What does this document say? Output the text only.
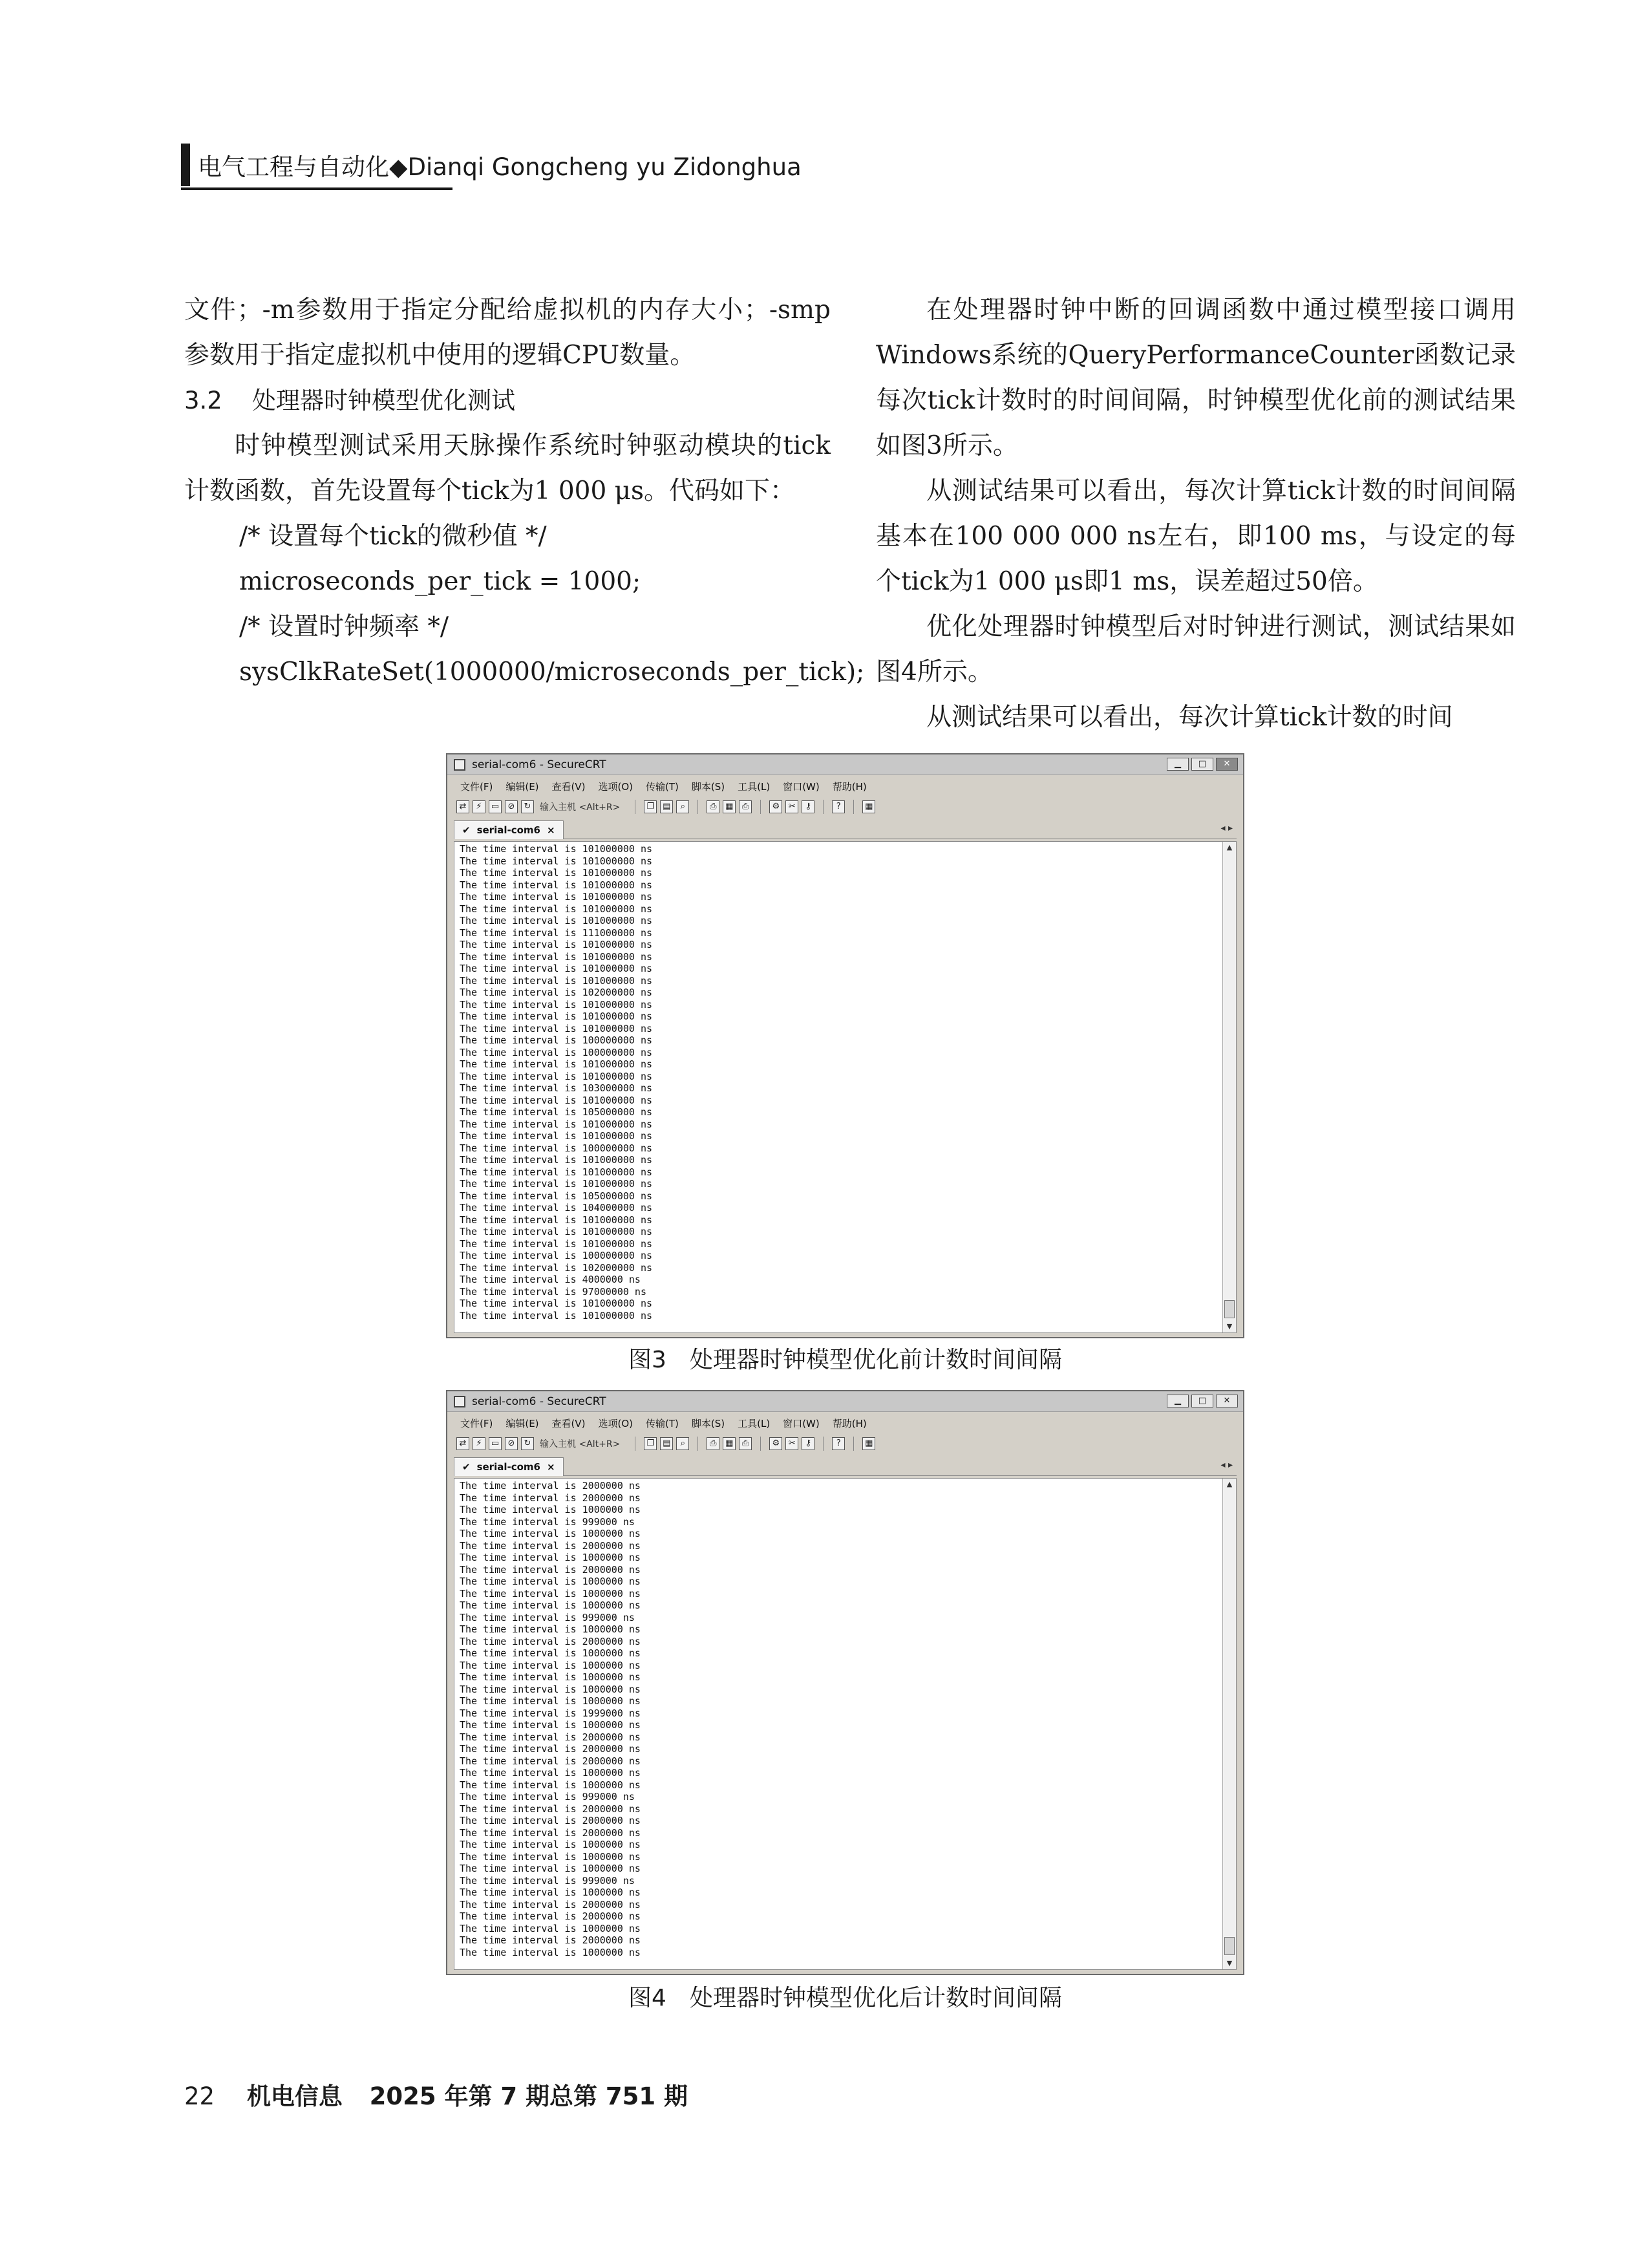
电气工程与自动化◆Dianqi Gongcheng yu Zidonghua

文件；-m参数用于指定分配给虚拟机的内存大小；-smp参数用于指定虚拟机中使用的逻辑CPU数量。

3.2 处理器时钟模型优化测试

时钟模型测试采用天脉操作系统时钟驱动模块的tick计数函数，首先设置每个tick为1 000 μs。代码如下：

/* 设置每个tick的微秒值 */

microseconds_per_tick = 1000;

/* 设置时钟频率 */

sysClkRateSet(1000000/microseconds_per_tick);

在处理器时钟中断的回调函数中通过模型接口调用Windows系统的QueryPerformanceCounter函数记录每次tick计数时的时间间隔，时钟模型优化前的测试结果如图3所示。

从测试结果可以看出，每次计算tick计数的时间间隔基本在100 000 000 ns左右，即100 ms，与设定的每个tick为1 000 μs即1 ms，误差超过50倍。

优化处理器时钟模型后对时钟进行测试，测试结果如图4所示。

从测试结果可以看出，每次计算tick计数的时间

serial-com6 - SecureCRT	▁	□	✕
文件(F) 编辑(E) 查看(V) 选项(O) 传输(T) 脚本(S) 工具(L) 窗口(W) 帮助(H)
⇄	⚡	▭	⊘	↻ 输入主机 <Alt+R>	❐	▤	⌕	⎙	▦	⎙	⚙	✂	⚷	?	▦
✔ serial-com6 ×	◂ ▸
The time interval is 101000000 ns
The time interval is 101000000 ns
The time interval is 101000000 ns
The time interval is 101000000 ns
The time interval is 101000000 ns
The time interval is 101000000 ns
The time interval is 101000000 ns
The time interval is 111000000 ns
The time interval is 101000000 ns
The time interval is 101000000 ns
The time interval is 101000000 ns
The time interval is 101000000 ns
The time interval is 102000000 ns
The time interval is 101000000 ns
The time interval is 101000000 ns
The time interval is 101000000 ns
The time interval is 100000000 ns
The time interval is 100000000 ns
The time interval is 101000000 ns
The time interval is 101000000 ns
The time interval is 103000000 ns
The time interval is 101000000 ns
The time interval is 105000000 ns
The time interval is 101000000 ns
The time interval is 101000000 ns
The time interval is 100000000 ns
The time interval is 101000000 ns
The time interval is 101000000 ns
The time interval is 101000000 ns
The time interval is 105000000 ns
The time interval is 104000000 ns
The time interval is 101000000 ns
The time interval is 101000000 ns
The time interval is 101000000 ns
The time interval is 100000000 ns
The time interval is 102000000 ns
The time interval is 4000000 ns
The time interval is 97000000 ns
The time interval is 101000000 ns
The time interval is 101000000 ns
▲
▼
图3　处理器时钟模型优化前计数时间间隔
serial-com6 - SecureCRT	▁	□	✕
文件(F) 编辑(E) 查看(V) 选项(O) 传输(T) 脚本(S) 工具(L) 窗口(W) 帮助(H)
⇄	⚡	▭	⊘	↻ 输入主机 <Alt+R>	❐	▤	⌕	⎙	▦	⎙	⚙	✂	⚷	?	▦
✔ serial-com6 ×	◂ ▸
The time interval is 2000000 ns
The time interval is 2000000 ns
The time interval is 1000000 ns
The time interval is 999000 ns
The time interval is 1000000 ns
The time interval is 2000000 ns
The time interval is 1000000 ns
The time interval is 2000000 ns
The time interval is 1000000 ns
The time interval is 1000000 ns
The time interval is 1000000 ns
The time interval is 999000 ns
The time interval is 1000000 ns
The time interval is 2000000 ns
The time interval is 1000000 ns
The time interval is 1000000 ns
The time interval is 1000000 ns
The time interval is 1000000 ns
The time interval is 1000000 ns
The time interval is 1999000 ns
The time interval is 1000000 ns
The time interval is 2000000 ns
The time interval is 2000000 ns
The time interval is 2000000 ns
The time interval is 1000000 ns
The time interval is 1000000 ns
The time interval is 999000 ns
The time interval is 2000000 ns
The time interval is 2000000 ns
The time interval is 2000000 ns
The time interval is 1000000 ns
The time interval is 1000000 ns
The time interval is 1000000 ns
The time interval is 999000 ns
The time interval is 1000000 ns
The time interval is 2000000 ns
The time interval is 2000000 ns
The time interval is 1000000 ns
The time interval is 2000000 ns
The time interval is 1000000 ns
▲
▼
图4　处理器时钟模型优化后计数时间间隔
22 机电信息 2025 年第 7 期总第 751 期
